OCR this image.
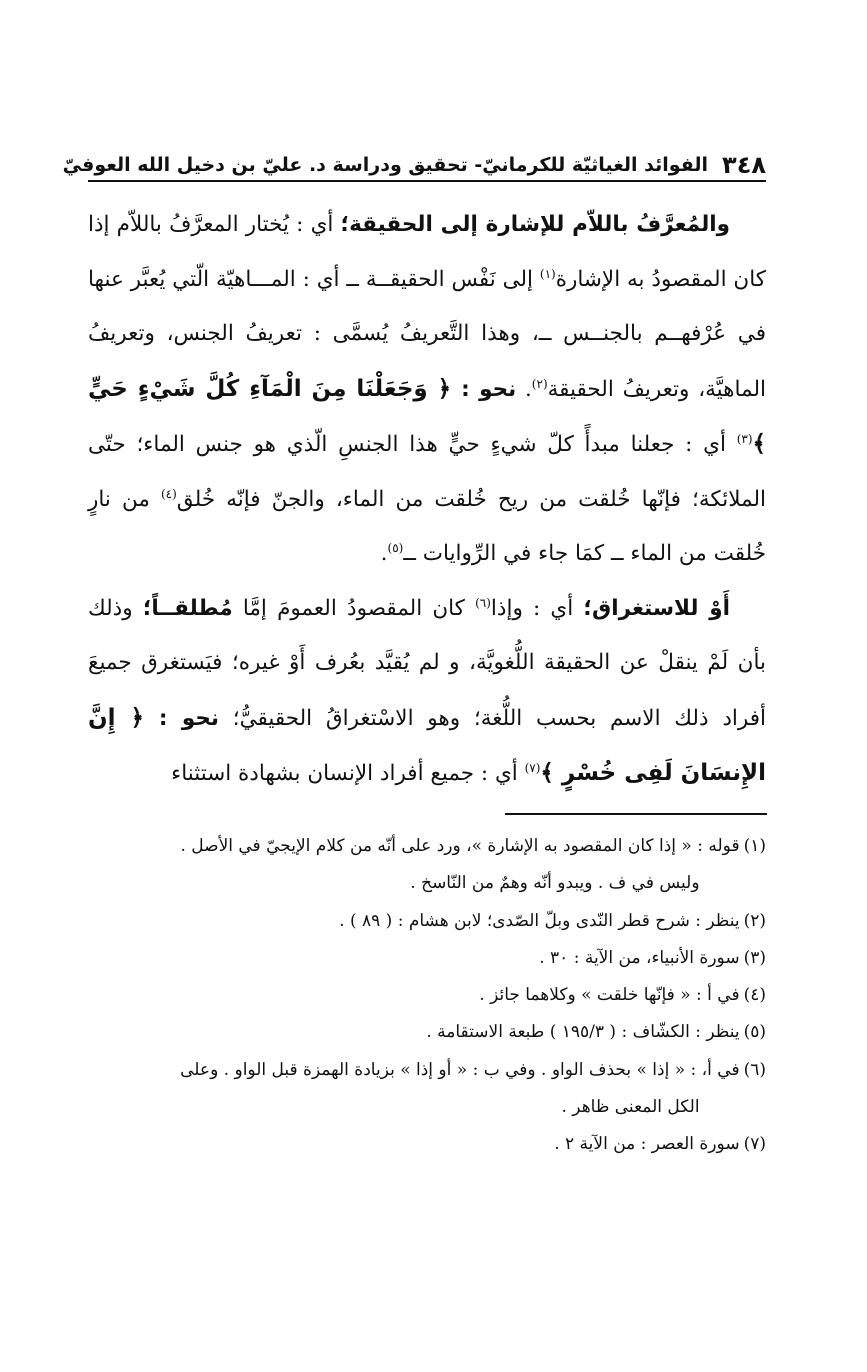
٣٤٨
الفوائد الغياثيّة للكرمانيّ- تحقيق ودراسة د. عليّ بن دخيل الله العوفيّ

والمُعرَّفُ باللاّم للإشارة إلى الحقيقة؛ أي : يُختار المعرَّفُ باللاّم إذا كان المقصودُ به الإشارة$^{(١)}$ إلى نَفْس الحقيقــة ــ أي : المـــاهيّة الّتي يُعبَّر عنها في عُرْفهــم بالجنــس ــ، وهذا التَّعريفُ يُسمَّى : تعريفُ الجنس، وتعريفُ الماهيَّة، وتعريفُ الحقيقة$^{(٢)}$. نحو : ﴿ وَجَعَلْنَا مِنَ الْمَآءِ كُلَّ شَيْءٍ حَيٍّ ﴾$^{(٣)}$ أي : جعلنا مبدأً كلّ شيءٍ حيٍّ هذا الجنسِ الّذي هو جنس الماء؛ حتّى الملائكة؛ فإنّها خُلقت من ريح خُلقت من الماء، والجنّ فإنّه خُلق$^{(٤)}$ من نارٍ خُلقت من الماء ــ كمَا جاء في الرِّوايات ــ$^{(٥)}$.

أَوْ للاستغراق؛ أي : وإذا$^{(٦)}$ كان المقصودُ العمومَ إمَّا مُطلقــاً؛ وذلك بأن لَمْ ينقلْ عن الحقيقة اللُّغويَّة، و لم يُقيَّد بعُرف أَوْ غيره؛ فيَستغرق جميعَ أفراد ذلك الاسم بحسب اللُّغة؛ وهو الاسْتغراقُ الحقيقيُّ؛ نحو : ﴿ إِنَّ الإِنسَانَ لَفِى خُسْرٍ ﴾$^{(٧)}$ أي : جميع أفراد الإنسان بشهادة استثناء

(١)
قوله : « إذا كان المقصود به الإشارة »، ورد على أنّه من كلام الإيجيّ في الأصل .
وليس في ف . ويبدو أنّه وهمٌ من النّاسخ .
(٢)
ينظر : شرح قطر النّدى وبلّ الصّدى؛ لابن هشام : ( ٨٩ ) .
(٣)
سورة الأنبياء، من الآية : ٣٠ .
(٤)
في أ : « فإنّها خلقت » وكلاهما جائز .
(٥)
ينظر : الكشّاف : ( ١٩٥/٣ ) طبعة الاستقامة .
(٦)
في أ، : « إذا » بحذف الواو . وفي ب : « أو إذا » بزيادة الهمزة قبل الواو . وعلى
الكل المعنى ظاهر .
(٧)
سورة العصر : من الآية ٢ .
